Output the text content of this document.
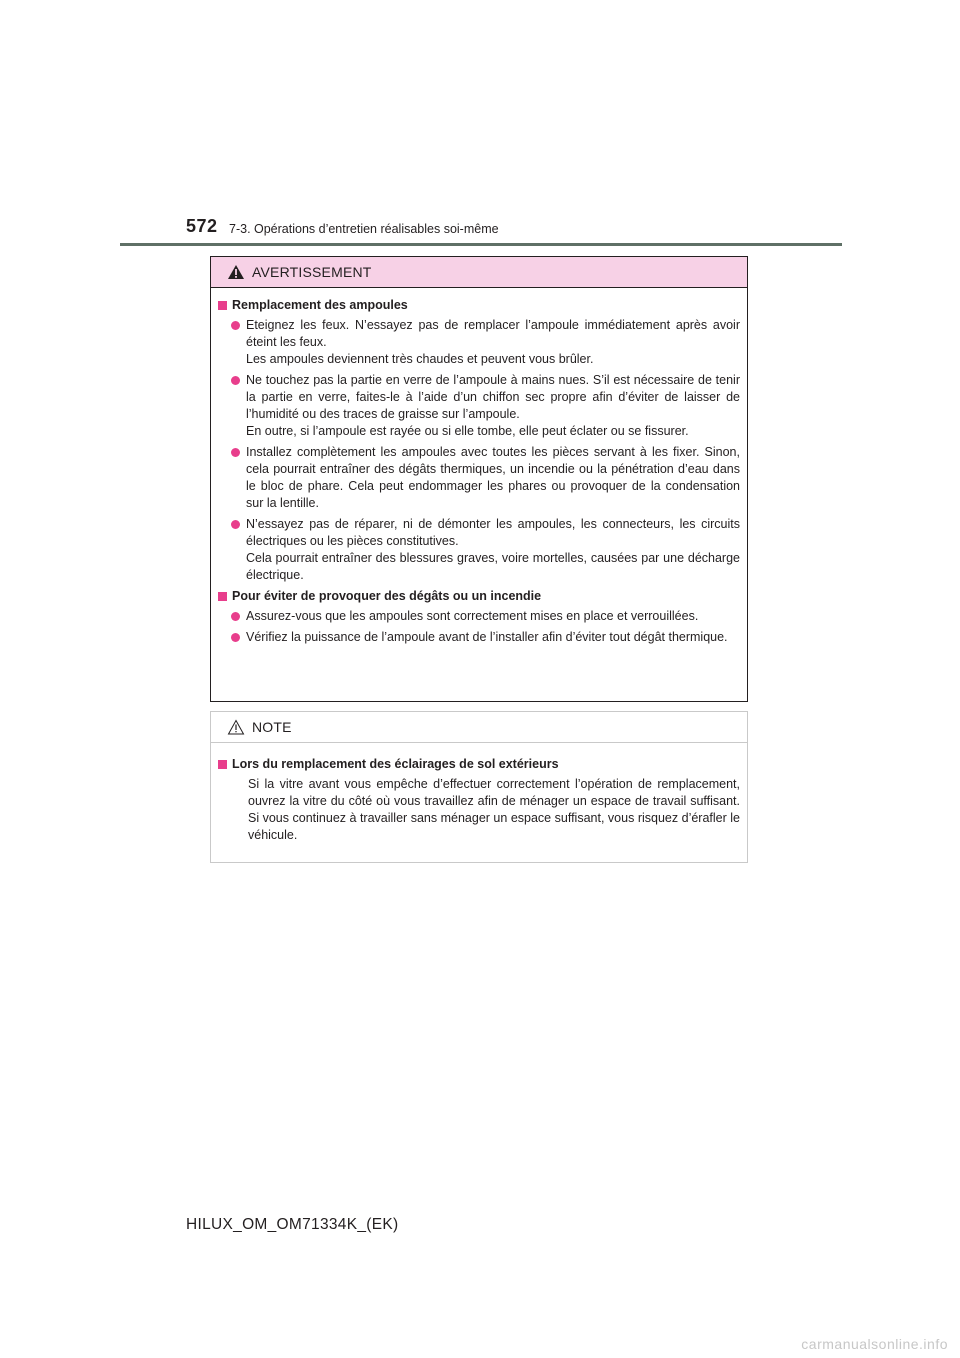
572 7-3. Opérations d’entretien réalisables soi-même
AVERTISSEMENT
Remplacement des ampoules

Eteignez les feux. N’essayez pas de remplacer l’ampoule immédiatement après avoir éteint les feux.

Les ampoules deviennent très chaudes et peuvent vous brûler.

Ne touchez pas la partie en verre de l’ampoule à mains nues. S’il est nécessaire de tenir la partie en verre, faites-le à l’aide d’un chiffon sec propre afin d’éviter de laisser de l’humidité ou des traces de graisse sur l’ampoule.

En outre, si l’ampoule est rayée ou si elle tombe, elle peut éclater ou se fissurer.

Installez complètement les ampoules avec toutes les pièces servant à les fixer. Sinon, cela pourrait entraîner des dégâts thermiques, un incendie ou la pénétration d’eau dans le bloc de phare. Cela peut endommager les phares ou provoquer de la condensation sur la lentille.

N’essayez pas de réparer, ni de démonter les ampoules, les connecteurs, les circuits électriques ou les pièces constitutives.

Cela pourrait entraîner des blessures graves, voire mortelles, causées par une décharge électrique.

Pour éviter de provoquer des dégâts ou un incendie

Assurez-vous que les ampoules sont correctement mises en place et verrouillées.

Vérifiez la puissance de l’ampoule avant de l’installer afin d’éviter tout dégât thermique.

NOTE
Lors du remplacement des éclairages de sol extérieurs

Si la vitre avant vous empêche d’effectuer correctement l’opération de remplacement, ouvrez la vitre du côté où vous travaillez afin de ménager un espace de travail suffisant. Si vous continuez à travailler sans ménager un espace suffisant, vous risquez d’érafler le véhicule.

HILUX_OM_OM71334K_(EK)
carmanualsonline.info
